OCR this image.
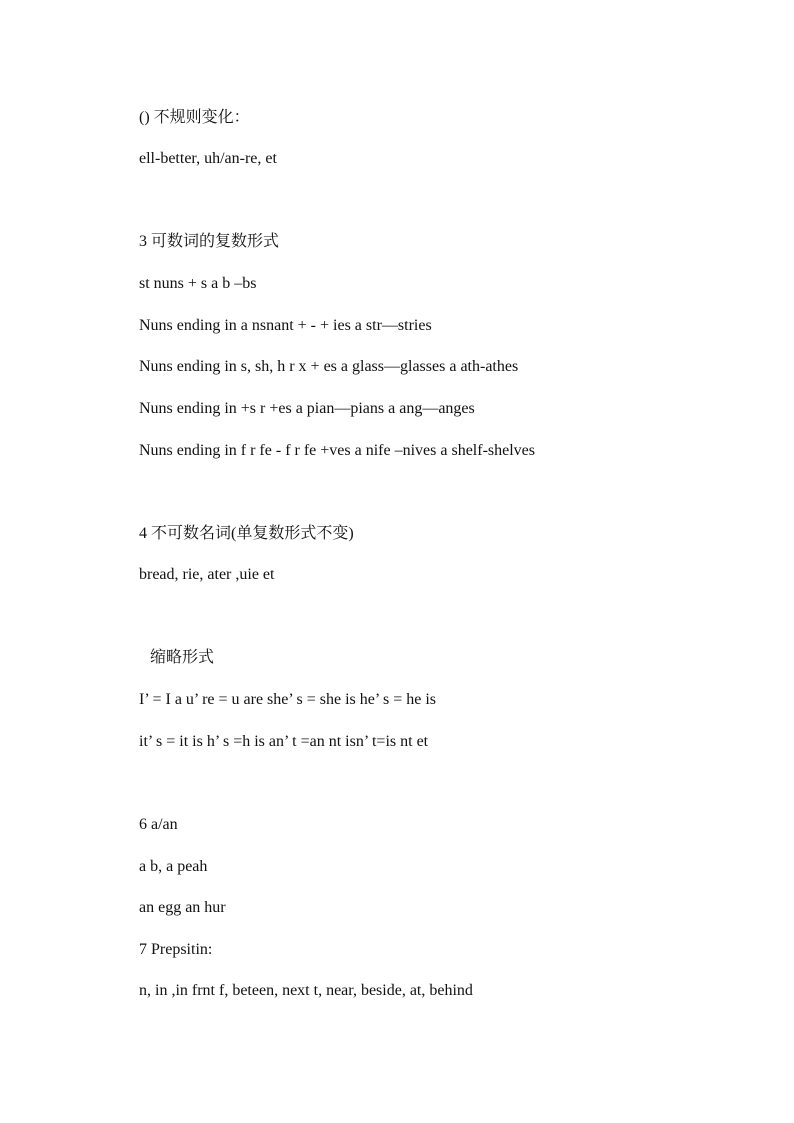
() 不规则变化：
ell-better, uh/an-re, et
3 可数词的复数形式
st nuns + s a b –bs
Nuns ending in a nsnant + - + ies a str—stries
Nuns ending in s, sh, h r x + es a glass—glasses a ath-athes
Nuns ending in +s r +es a pian—pians a ang—anges
Nuns ending in f r fe - f r fe +ves a nife –nives a shelf-shelves
4 不可数名词(单复数形式不变)
bread, rie, ater ,uie et
缩略形式
I’ = I a u’ re = u are she’ s = she is he’ s = he is
it’ s = it is h’ s =h is an’ t =an nt isn’ t=is nt et
6 a/an
a b, a peah
an egg an hur
7 Prepsitin:
n, in ,in frnt f, beteen, next t, near, beside, at, behind
